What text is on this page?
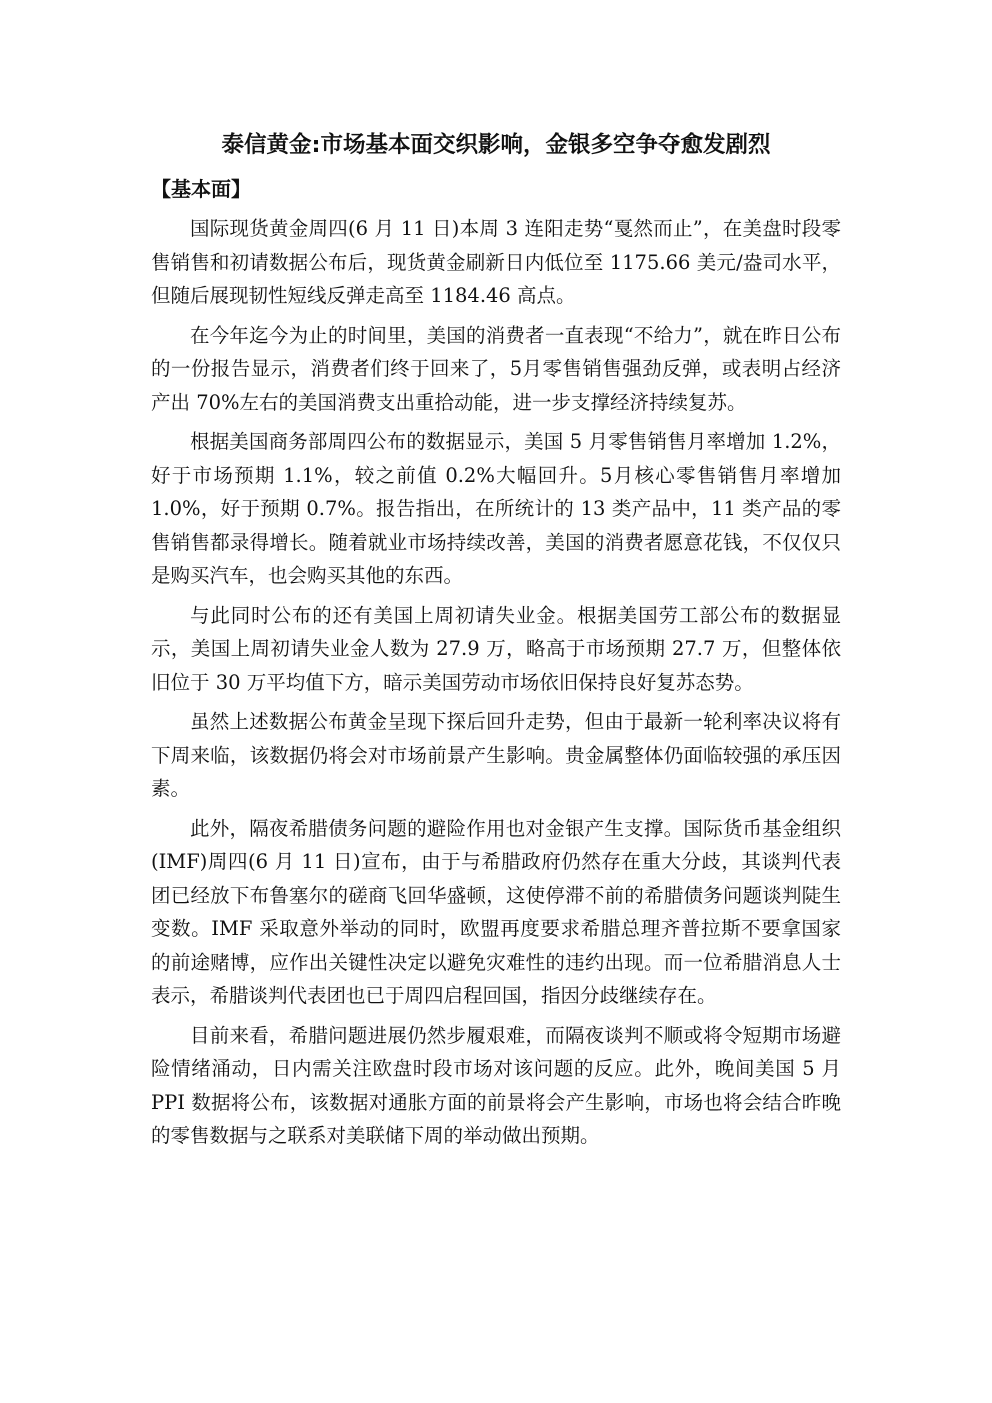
泰信黄金:市场基本面交织影响，金银多空争夺愈发剧烈
【基本面】

国际现货黄金周四(6 月 11 日)本周 3 连阳走势“戛然而止”，在美盘时段零售销售和初请数据公布后，现货黄金刷新日内低位至 1175.66 美元/盎司水平，但随后展现韧性短线反弹走高至 1184.46 高点。

在今年迄今为止的时间里，美国的消费者一直表现“不给力”，就在昨日公布的一份报告显示，消费者们终于回来了，5月零售销售强劲反弹，或表明占经济产出 70%左右的美国消费支出重拾动能，进一步支撑经济持续复苏。

根据美国商务部周四公布的数据显示，美国 5 月零售销售月率增加 1.2%，好于市场预期 1.1%，较之前值 0.2%大幅回升。5月核心零售销售月率增加 1.0%，好于预期 0.7%。报告指出，在所统计的 13 类产品中，11 类产品的零售销售都录得增长。随着就业市场持续改善，美国的消费者愿意花钱，不仅仅只是购买汽车，也会购买其他的东西。

与此同时公布的还有美国上周初请失业金。根据美国劳工部公布的数据显示，美国上周初请失业金人数为 27.9 万，略高于市场预期 27.7 万，但整体依旧位于 30 万平均值下方，暗示美国劳动市场依旧保持良好复苏态势。

虽然上述数据公布黄金呈现下探后回升走势，但由于最新一轮利率决议将有下周来临，该数据仍将会对市场前景产生影响。贵金属整体仍面临较强的承压因素。

此外，隔夜希腊债务问题的避险作用也对金银产生支撑。国际货币基金组织(IMF)周四(6 月 11 日)宣布，由于与希腊政府仍然存在重大分歧，其谈判代表团已经放下布鲁塞尔的磋商飞回华盛顿，这使停滞不前的希腊债务问题谈判陡生变数。IMF 采取意外举动的同时，欧盟再度要求希腊总理齐普拉斯不要拿国家的前途赌博，应作出关键性决定以避免灾难性的违约出现。而一位希腊消息人士表示，希腊谈判代表团也已于周四启程回国，指因分歧继续存在。

目前来看，希腊问题进展仍然步履艰难，而隔夜谈判不顺或将令短期市场避险情绪涌动，日内需关注欧盘时段市场对该问题的反应。此外，晚间美国 5 月 PPI 数据将公布，该数据对通胀方面的前景将会产生影响，市场也将会结合昨晚的零售数据与之联系对美联储下周的举动做出预期。
